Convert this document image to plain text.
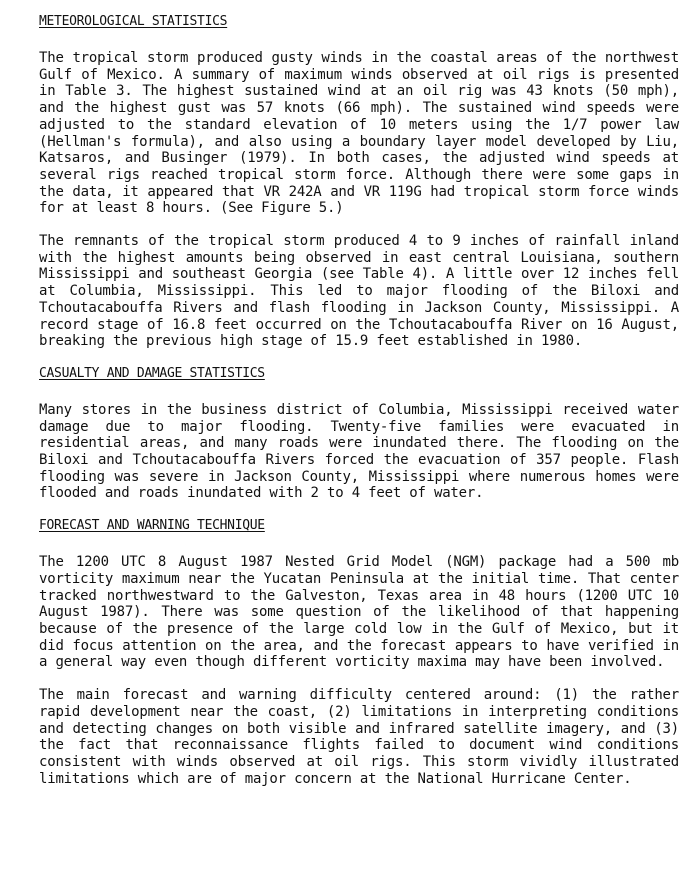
METEOROLOGICAL STATISTICS

The tropical storm produced gusty winds in the coastal areas of the northwest Gulf of Mexico. A summary of maximum winds observed at oil rigs is presented in Table 3. The highest sustained wind at an oil rig was 43 knots (50 mph), and the highest gust was 57 knots (66 mph). The sustained wind speeds were adjusted to the standard elevation of 10 meters using the 1/7 power law (Hellman's formula), and also using a boundary layer model developed by Liu, Katsaros, and Businger (1979). In both cases, the adjusted wind speeds at several rigs reached tropical storm force. Although there were some gaps in the data, it appeared that VR 242A and VR 119G had tropical storm force winds for at least 8 hours. (See Figure 5.)

The remnants of the tropical storm produced 4 to 9 inches of rainfall inland with the highest amounts being observed in east central Louisiana, southern Mississippi and southeast Georgia (see Table 4). A little over 12 inches fell at Columbia, Mississippi. This led to major flooding of the Biloxi and Tchoutacabouffa Rivers and flash flooding in Jackson County, Mississippi. A record stage of 16.8 feet occurred on the Tchoutacabouffa River on 16 August, breaking the previous high stage of 15.9 feet established in 1980.

CASUALTY AND DAMAGE STATISTICS

Many stores in the business district of Columbia, Mississippi received water damage due to major flooding. Twenty-five families were evacuated in residential areas, and many roads were inundated there. The flooding on the Biloxi and Tchoutacabouffa Rivers forced the evacuation of 357 people. Flash flooding was severe in Jackson County, Mississippi where numerous homes were flooded and roads inundated with 2 to 4 feet of water.

FORECAST AND WARNING TECHNIQUE

The 1200 UTC 8 August 1987 Nested Grid Model (NGM) package had a 500 mb vorticity maximum near the Yucatan Peninsula at the initial time. That center tracked northwestward to the Galveston, Texas area in 48 hours (1200 UTC 10 August 1987). There was some question of the likelihood of that happening because of the presence of the large cold low in the Gulf of Mexico, but it did focus attention on the area, and the forecast appears to have verified in a general way even though different vorticity maxima may have been involved.

The main forecast and warning difficulty centered around: (1) the rather rapid development near the coast, (2) limitations in interpreting conditions and detecting changes on both visible and infrared satellite imagery, and (3) the fact that reconnaissance flights failed to document wind conditions consistent with winds observed at oil rigs. This storm vividly illustrated limitations which are of major concern at the National Hurricane Center.
